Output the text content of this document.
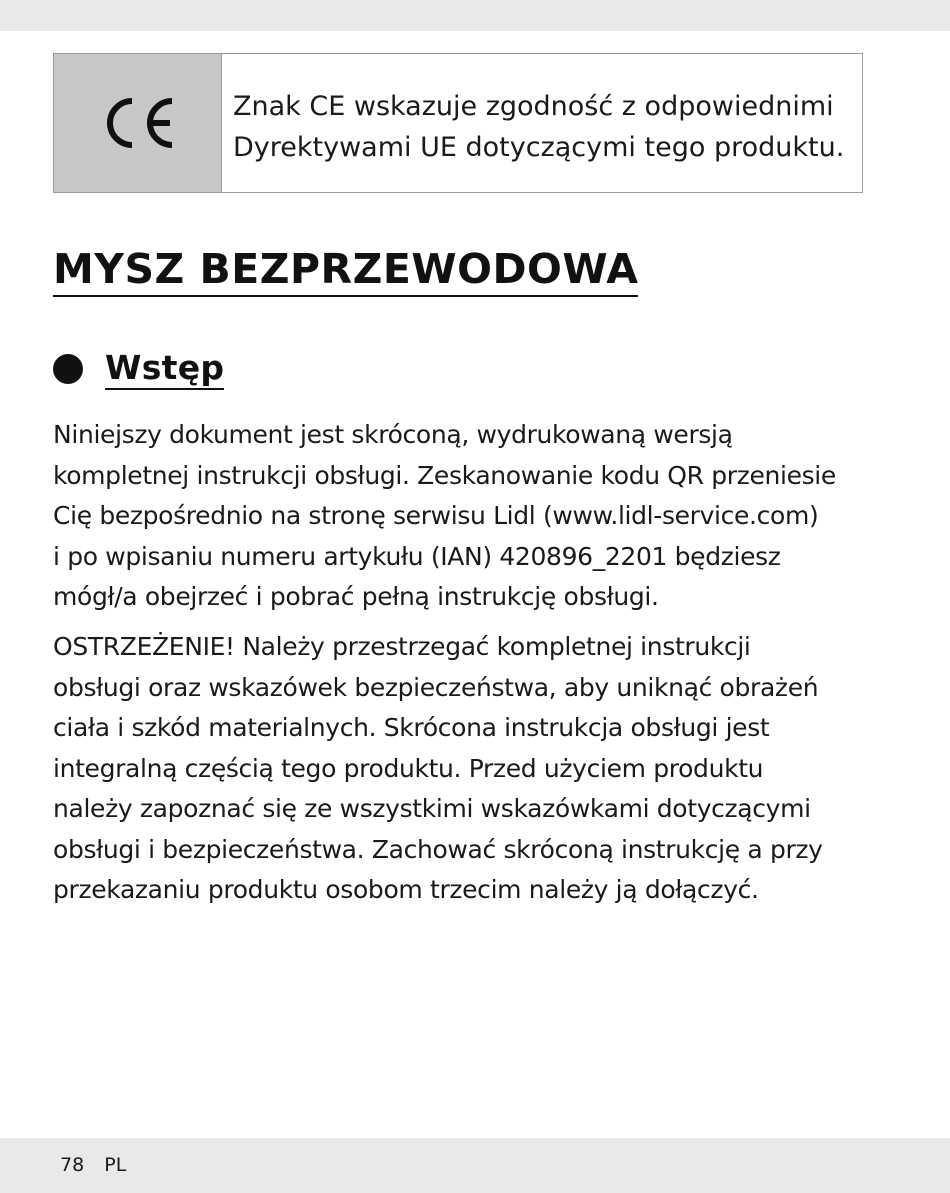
Znak CE wskazuje zgodność z odpowiednimi
Dyrektywami UE dotyczącymi tego produktu.
MYSZ BEZPRZEWODOWA
Wstęp

Niniejszy dokument jest skróconą, wydrukowaną wersją
kompletnej instrukcji obsługi. Zeskanowanie kodu QR przeniesie
Cię bezpośrednio na stronę serwisu Lidl (www.lidl-service.com)
i po wpisaniu numeru artykułu (IAN) 420896_2201 będziesz
mógł/a obejrzeć i pobrać pełną instrukcję obsługi.

OSTRZEŻENIE! Należy przestrzegać kompletnej instrukcji
obsługi oraz wskazówek bezpieczeństwa, aby uniknąć obrażeń
ciała i szkód materialnych. Skrócona instrukcja obsługi jest
integralną częścią tego produktu. Przed użyciem produktu
należy zapoznać się ze wszystkimi wskazówkami dotyczącymi
obsługi i bezpieczeństwa. Zachować skróconą instrukcję a przy
przekazaniu produktu osobom trzecim należy ją dołączyć.

78 PL
